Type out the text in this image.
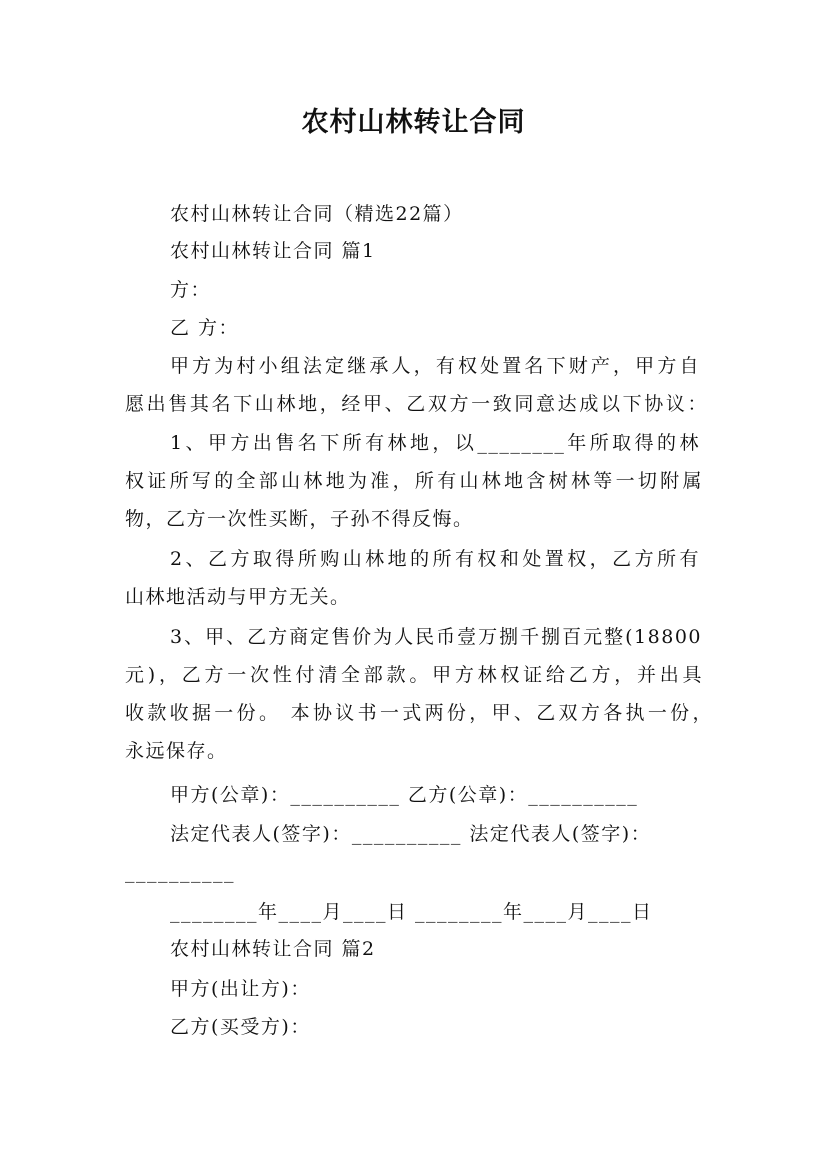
农村山林转让合同
农村山林转让合同（精选22篇）
农村山林转让合同 篇1
方：
乙 方：
甲方为村小组法定继承人，有权处置名下财产，甲方自
愿出售其名下山林地，经甲、乙双方一致同意达成以下协议：
1、甲方出售名下所有林地，以________年所取得的林
权证所写的全部山林地为准，所有山林地含树林等一切附属
物，乙方一次性买断，子孙不得反悔。
2、乙方取得所购山林地的所有权和处置权，乙方所有
山林地活动与甲方无关。
3、甲、乙方商定售价为人民币壹万捌千捌百元整(18800
元)，乙方一次性付清全部款。甲方林权证给乙方，并出具
收款收据一份。 本协议书一式两份，甲、乙双方各执一份，
永远保存。
甲方(公章)：__________ 乙方(公章)：__________
法定代表人(签字)：__________ 法定代表人(签字)：
__________
________年____月____日 ________年____月____日
农村山林转让合同 篇2
甲方(出让方)：
乙方(买受方)：
